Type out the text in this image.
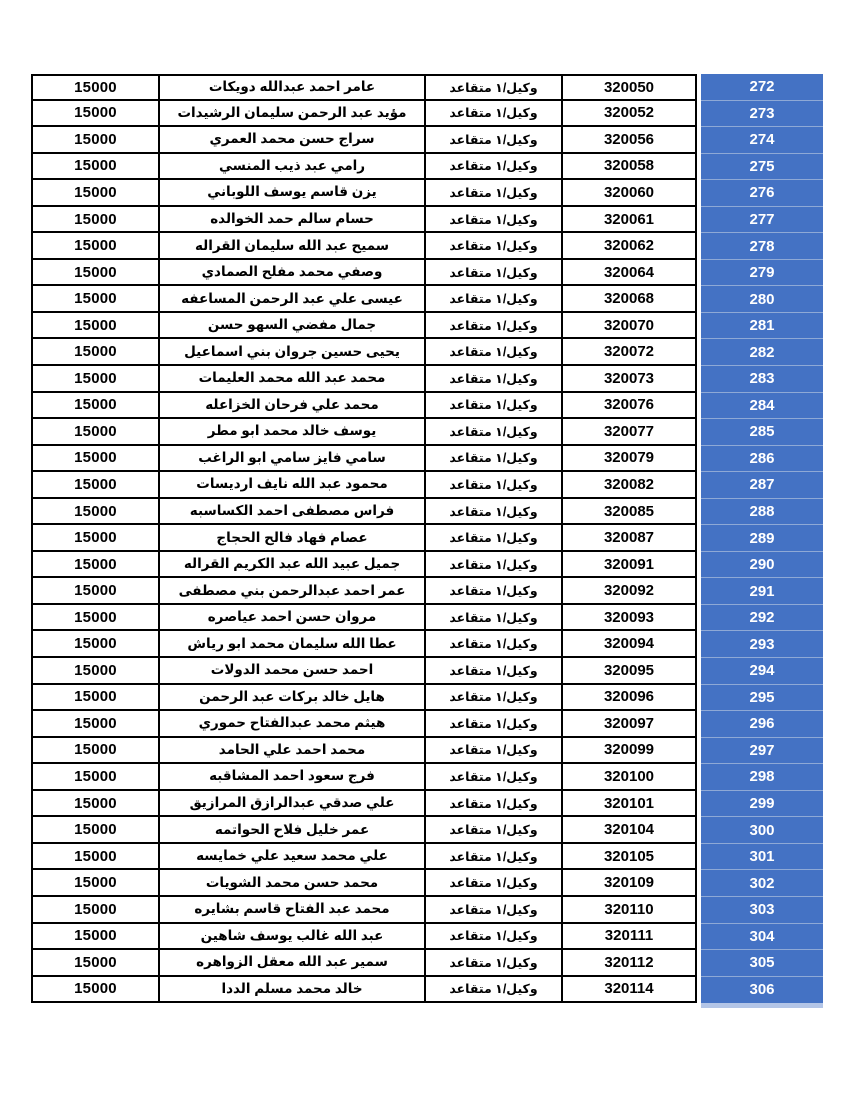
15000	عامر احمد عبدالله دويكات	وكيل/١ متقاعد	320050	272
15000	مؤيد عبد الرحمن سليمان الرشيدات	وكيل/١ متقاعد	320052	273
15000	سراج حسن محمد العمري	وكيل/١ متقاعد	320056	274
15000	رامي عبد ذيب المنسي	وكيل/١ متقاعد	320058	275
15000	يزن قاسم يوسف اللوباني	وكيل/١ متقاعد	320060	276
15000	حسام سالم حمد الخوالده	وكيل/١ متقاعد	320061	277
15000	سميح عبد الله سليمان القراله	وكيل/١ متقاعد	320062	278
15000	وصفي محمد مفلح الصمادي	وكيل/١ متقاعد	320064	279
15000	عيسى علي عبد الرحمن المساعفه	وكيل/١ متقاعد	320068	280
15000	جمال مفضي السهو حسن	وكيل/١ متقاعد	320070	281
15000	يحيى حسين جروان بني اسماعيل	وكيل/١ متقاعد	320072	282
15000	محمد عبد الله محمد العليمات	وكيل/١ متقاعد	320073	283
15000	محمد علي فرحان الخزاعله	وكيل/١ متقاعد	320076	284
15000	يوسف خالد محمد ابو مطر	وكيل/١ متقاعد	320077	285
15000	سامي فايز سامي ابو الراغب	وكيل/١ متقاعد	320079	286
15000	محمود عبد الله نايف ارديسات	وكيل/١ متقاعد	320082	287
15000	فراس مصطفى احمد الكساسبه	وكيل/١ متقاعد	320085	288
15000	عصام فهاد فالح الحجاج	وكيل/١ متقاعد	320087	289
15000	جميل عبيد الله عبد الكريم القراله	وكيل/١ متقاعد	320091	290
15000	عمر احمد عبدالرحمن بني مصطفى	وكيل/١ متقاعد	320092	291
15000	مروان حسن احمد عياصره	وكيل/١ متقاعد	320093	292
15000	عطا الله سليمان محمد ابو رياش	وكيل/١ متقاعد	320094	293
15000	احمد حسن محمد الدولات	وكيل/١ متقاعد	320095	294
15000	هايل خالد بركات عبد الرحمن	وكيل/١ متقاعد	320096	295
15000	هيثم محمد عبدالفتاح حموري	وكيل/١ متقاعد	320097	296
15000	محمد احمد علي الحامد	وكيل/١ متقاعد	320099	297
15000	فرج سعود احمد المشاقبه	وكيل/١ متقاعد	320100	298
15000	علي صدقي عبدالرازق المرازيق	وكيل/١ متقاعد	320101	299
15000	عمر خليل فلاح الحواتمه	وكيل/١ متقاعد	320104	300
15000	علي محمد سعيد علي خمايسه	وكيل/١ متقاعد	320105	301
15000	محمد حسن محمد الشويات	وكيل/١ متقاعد	320109	302
15000	محمد عبد الفتاح قاسم بشايره	وكيل/١ متقاعد	320110	303
15000	عبد الله غالب يوسف شاهين	وكيل/١ متقاعد	320111	304
15000	سمير عبد الله معقل الزواهره	وكيل/١ متقاعد	320112	305
15000	خالد محمد مسلم الددا	وكيل/١ متقاعد	320114	306
